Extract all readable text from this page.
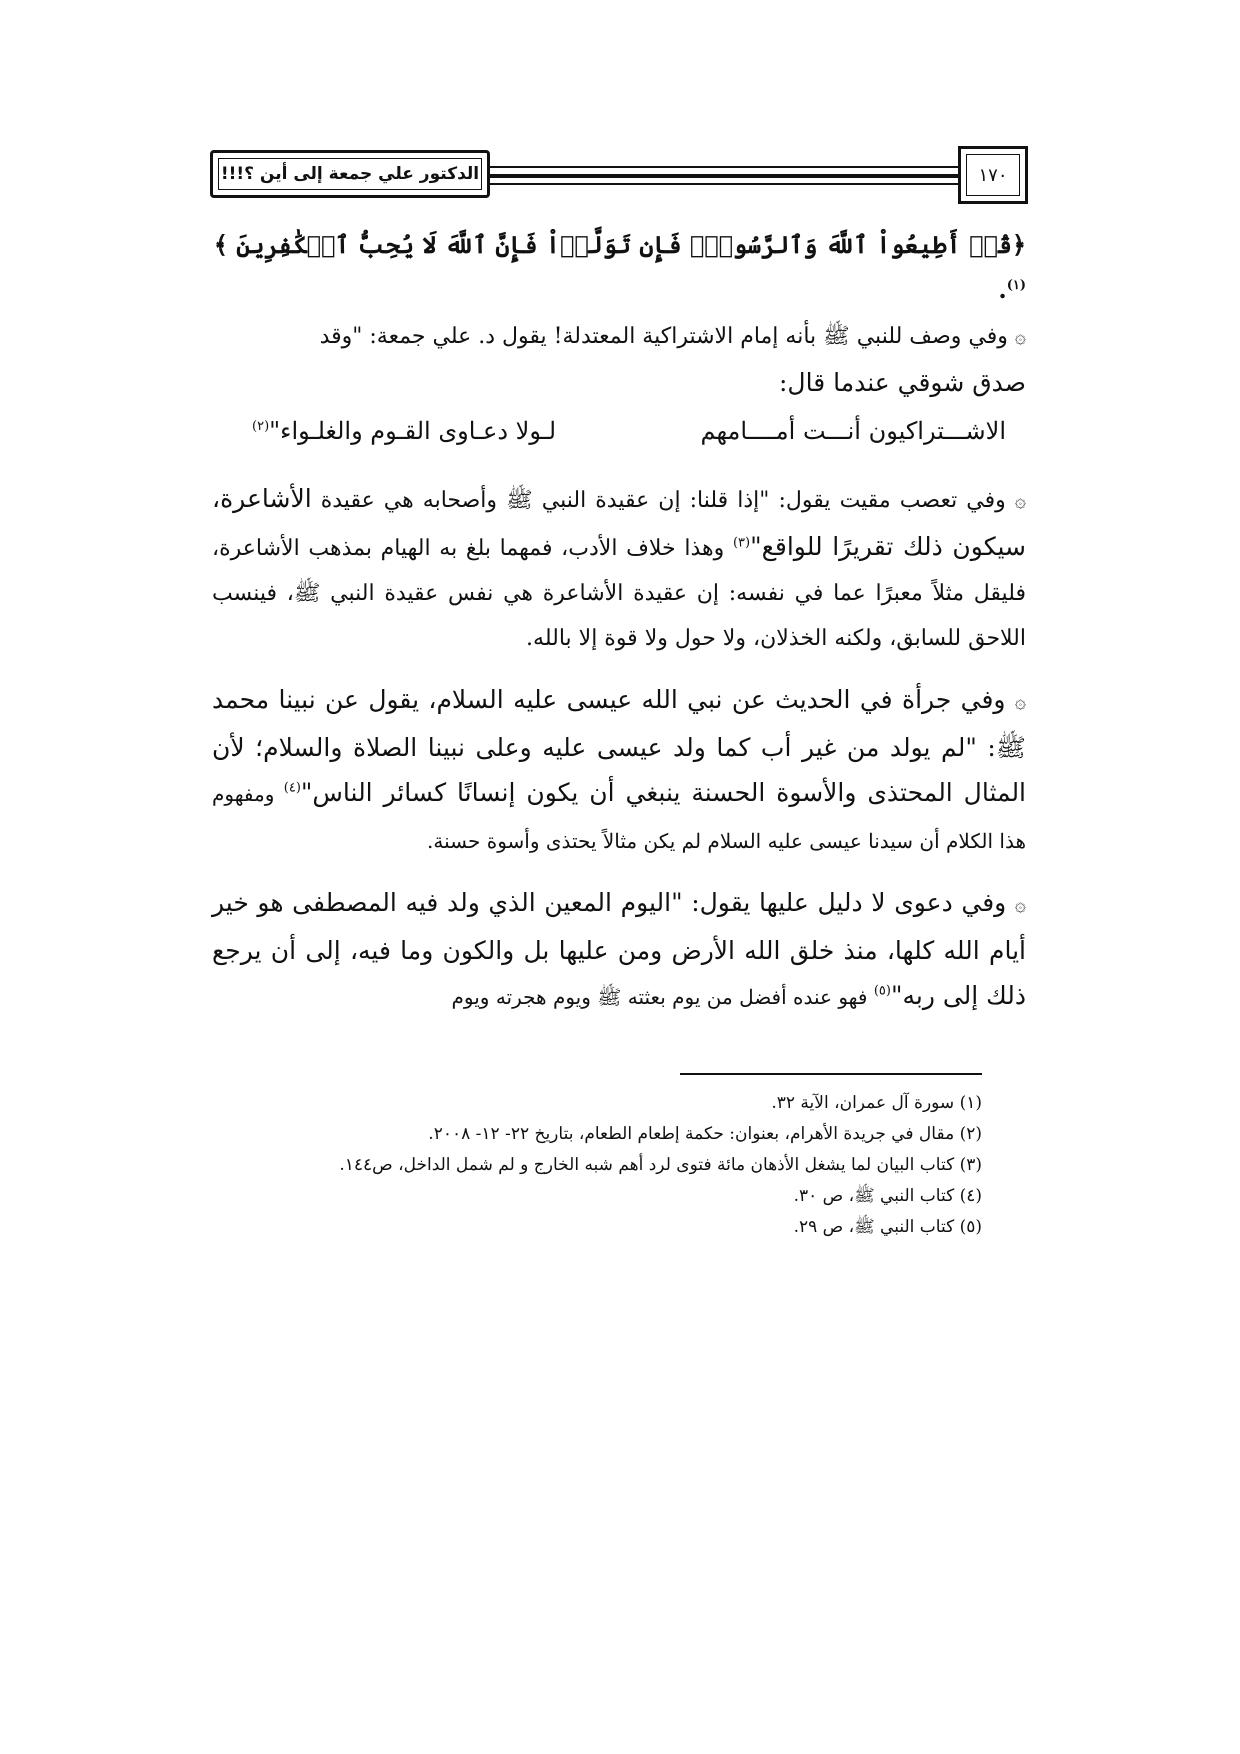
الدكتور علي جمعة إلى أين ؟!!!	١٧٠

﴿قُلۡ أَطِيعُواْ ٱللَّهَ وَٱلرَّسُولَۖ فَإِن تَوَلَّوۡاْ فَإِنَّ ٱللَّهَ لَا يُحِبُّ ٱلۡكَٰفِرِينَ ﴾$^{(١)}$.

۞ وفي وصف للنبي ﷺ بأنه إمام الاشتراكية المعتدلة! يقول د. علي جمعة: "وقد

صدق شوقي عندما قال:

الاشـــتراكيون أنـــت أمــــامهم
لـولا دعـاوى القـوم والغلـواء"$^{(٢)}$

۞ وفي تعصب مقيت يقول: "إذا قلنا: إن عقيدة النبي ﷺ وأصحابه هي عقيدة الأشاعرة، سيكون ذلك تقريرًا للواقع"$^{(٣)}$ وهذا خلاف الأدب، فمهما بلغ به الهيام بمذهب الأشاعرة، فليقل مثلاً معبرًا عما في نفسه: إن عقيدة الأشاعرة هي نفس عقيدة النبي ﷺ، فينسب اللاحق للسابق، ولكنه الخذلان، ولا حول ولا قوة إلا بالله.

۞ وفي جرأة في الحديث عن نبي الله عيسى عليه السلام، يقول عن نبينا محمد ﷺ: "لم يولد من غير أب كما ولد عيسى عليه وعلى نبينا الصلاة والسلام؛ لأن المثال المحتذى والأسوة الحسنة ينبغي أن يكون إنسانًا كسائر الناس"$^{(٤)}$ ومفهوم هذا الكلام أن سيدنا عيسى عليه السلام لم يكن مثالاً يحتذى وأسوة حسنة.

۞ وفي دعوى لا دليل عليها يقول: "اليوم المعين الذي ولد فيه المصطفى هو خير أيام الله كلها، منذ خلق الله الأرض ومن عليها بل والكون وما فيه، إلى أن يرجع ذلك إلى ربه"$^{(٥)}$ فهو عنده أفضل من يوم بعثته ﷺ ويوم هجرته ويوم

(١) سورة آل عمران، الآية ٣٢.

(٢) مقال في جريدة الأهرام، بعنوان: حكمة إطعام الطعام، بتاريخ ٢٢- ١٢- ٢٠٠٨.

(٣) كتاب البيان لما يشغل الأذهان مائة فتوى لرد أهم شبه الخارج و لم شمل الداخل، ص١٤٤.

(٤) كتاب النبي ﷺ، ص ٣٠.

(٥) كتاب النبي ﷺ، ص ٢٩.
